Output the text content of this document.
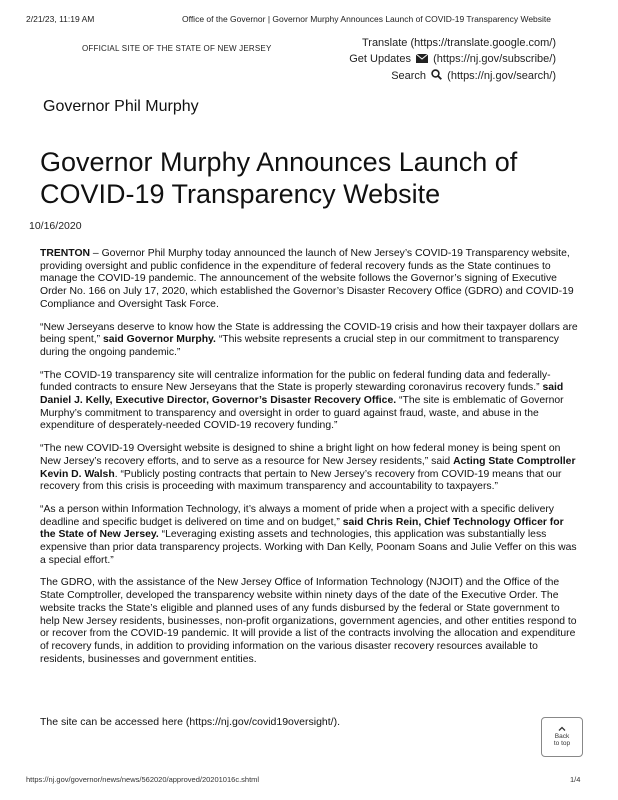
2/21/23, 11:19 AM	Office of the Governor | Governor Murphy Announces Launch of COVID-19 Transparency Website
OFFICIAL SITE OF THE STATE OF NEW JERSEY	Translate (https://translate.google.com/)
Get Updates (https://nj.gov/subscribe/)
Search (https://nj.gov/search/)
Governor Phil Murphy
Governor Murphy Announces Launch of COVID-19 Transparency Website
10/16/2020

TRENTON – Governor Phil Murphy today announced the launch of New Jersey’s COVID-19 Transparency website, providing oversight and public confidence in the expenditure of federal recovery funds as the State continues to manage the COVID-19 pandemic. The announcement of the website follows the Governor’s signing of Executive Order No. 166 on July 17, 2020, which established the Governor’s Disaster Recovery Office (GDRO) and COVID-19 Compliance and Oversight Task Force.

“New Jerseyans deserve to know how the State is addressing the COVID-19 crisis and how their taxpayer dollars are being spent,” said Governor Murphy. “This website represents a crucial step in our commitment to transparency during the ongoing pandemic.”

“The COVID-19 transparency site will centralize information for the public on federal funding data and federally-funded contracts to ensure New Jerseyans that the State is properly stewarding coronavirus recovery funds.” said Daniel J. Kelly, Executive Director, Governor’s Disaster Recovery Office. “The site is emblematic of Governor Murphy’s commitment to transparency and oversight in order to guard against fraud, waste, and abuse in the expenditure of desperately-needed COVID-19 recovery funding.”

“The new COVID-19 Oversight website is designed to shine a bright light on how federal money is being spent on New Jersey’s recovery efforts, and to serve as a resource for New Jersey residents,” said Acting State Comptroller Kevin D. Walsh. “Publicly posting contracts that pertain to New Jersey’s recovery from COVID-19 means that our recovery from this crisis is proceeding with maximum transparency and accountability to taxpayers.”

“As a person within Information Technology, it’s always a moment of pride when a project with a specific delivery deadline and specific budget is delivered on time and on budget,” said Chris Rein, Chief Technology Officer for the State of New Jersey. “Leveraging existing assets and technologies, this application was substantially less expensive than prior data transparency projects. Working with Dan Kelly, Poonam Soans and Julie Veffer on this was a special effort.”

The GDRO, with the assistance of the New Jersey Office of Information Technology (NJOIT) and the Office of the State Comptroller, developed the transparency website within ninety days of the date of the Executive Order. The website tracks the State’s eligible and planned uses of any funds disbursed by the federal or State government to help New Jersey residents, businesses, non-profit organizations, government agencies, and other entities respond to or recover from the COVID-19 pandemic. It will provide a list of the contracts involving the allocation and expenditure of recovery funds, in addition to providing information on the various disaster recovery resources available to residents, businesses and government entities.

The site can be accessed here (https://nj.gov/covid19oversight/).
Back
to top
https://nj.gov/governor/news/news/562020/approved/20201016c.shtml	1/4
